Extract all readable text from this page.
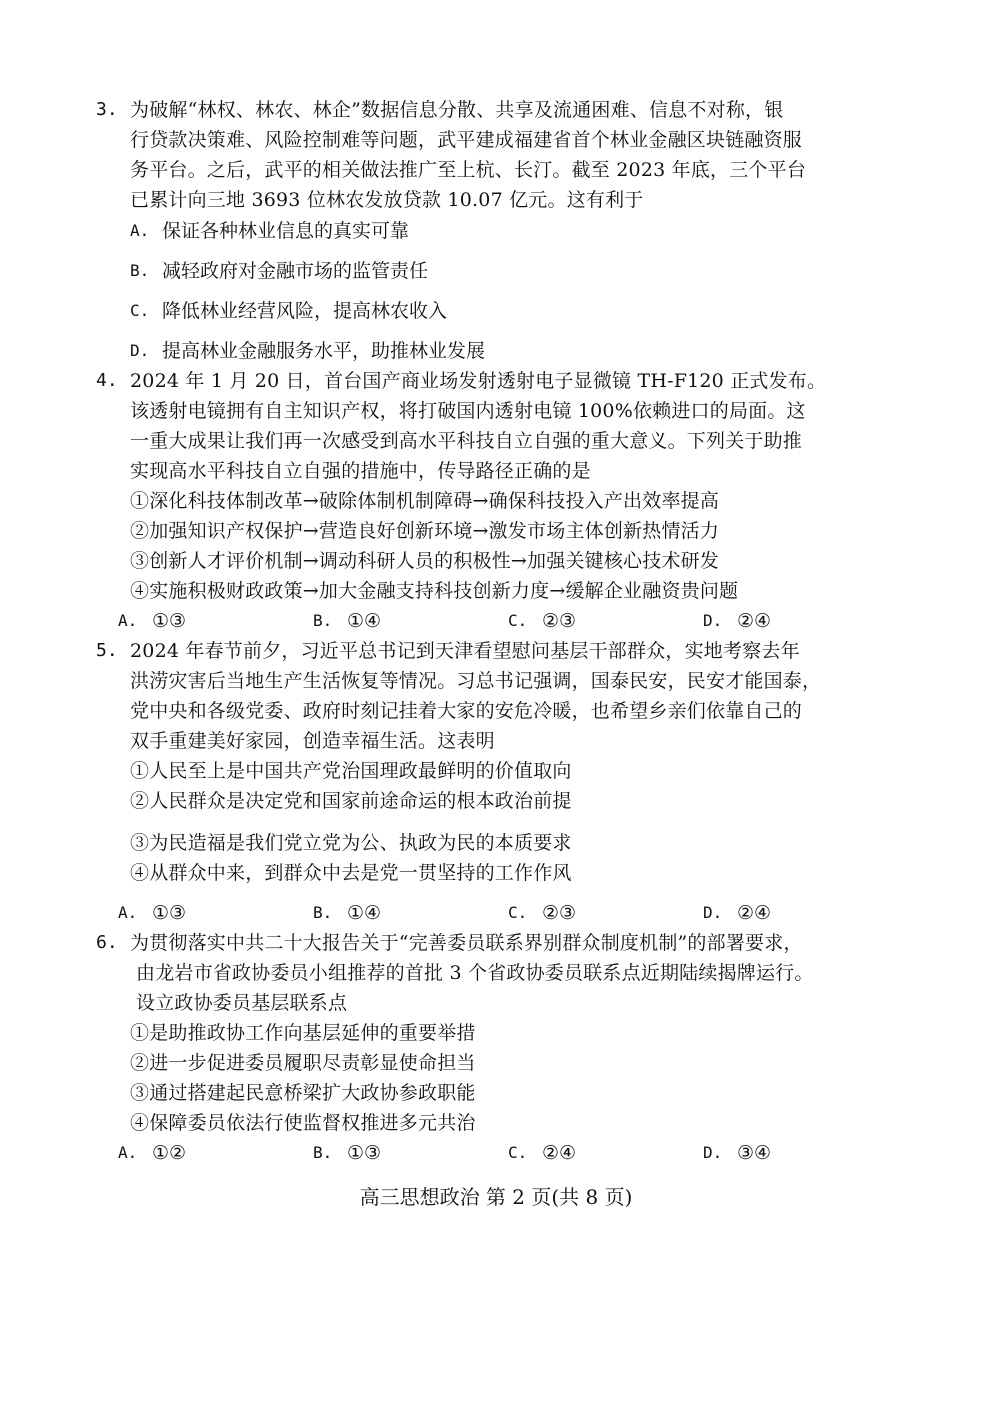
3. 为破解“林权、林农、林企”数据信息分散、共享及流通困难、信息不对称，银
行贷款决策难、风险控制难等问题，武平建成福建省首个林业金融区块链融资服
务平台。之后，武平的相关做法推广至上杭、长汀。截至 2023 年底，三个平台
已累计向三地 3693 位林农发放贷款 10.07 亿元。这有利于
A. 保证各种林业信息的真实可靠
B. 减轻政府对金融市场的监管责任
C. 降低林业经营风险，提高林农收入
D. 提高林业金融服务水平，助推林业发展
4. 2024 年 1 月 20 日，首台国产商业场发射透射电子显微镜 TH-F120 正式发布。
该透射电镜拥有自主知识产权，将打破国内透射电镜 100%依赖进口的局面。这
一重大成果让我们再一次感受到高水平科技自立自强的重大意义。下列关于助推
实现高水平科技自立自强的措施中，传导路径正确的是
①深化科技体制改革→破除体制机制障碍→确保科技投入产出效率提高
②加强知识产权保护→营造良好创新环境→激发市场主体创新热情活力
③创新人才评价机制→调动科研人员的积极性→加强关键核心技术研发
④实施积极财政政策→加大金融支持科技创新力度→缓解企业融资贵问题
A. ①③	B. ①④	C. ②③	D. ②④
5. 2024 年春节前夕，习近平总书记到天津看望慰问基层干部群众，实地考察去年
洪涝灾害后当地生产生活恢复等情况。习总书记强调，国泰民安，民安才能国泰，
党中央和各级党委、政府时刻记挂着大家的安危冷暖，也希望乡亲们依靠自己的
双手重建美好家园，创造幸福生活。这表明
①人民至上是中国共产党治国理政最鲜明的价值取向
②人民群众是决定党和国家前途命运的根本政治前提
③为民造福是我们党立党为公、执政为民的本质要求
④从群众中来，到群众中去是党一贯坚持的工作作风
A. ①③	B. ①④	C. ②③	D. ②④
6. 为贯彻落实中共二十大报告关于“完善委员联系界别群众制度机制”的部署要求，
由龙岩市省政协委员小组推荐的首批 3 个省政协委员联系点近期陆续揭牌运行。
设立政协委员基层联系点
①是助推政协工作向基层延伸的重要举措
②进一步促进委员履职尽责彰显使命担当
③通过搭建起民意桥梁扩大政协参政职能
④保障委员依法行使监督权推进多元共治
A. ①②	B. ①③	C. ②④	D. ③④
高三思想政治 第 2 页(共 8 页)
